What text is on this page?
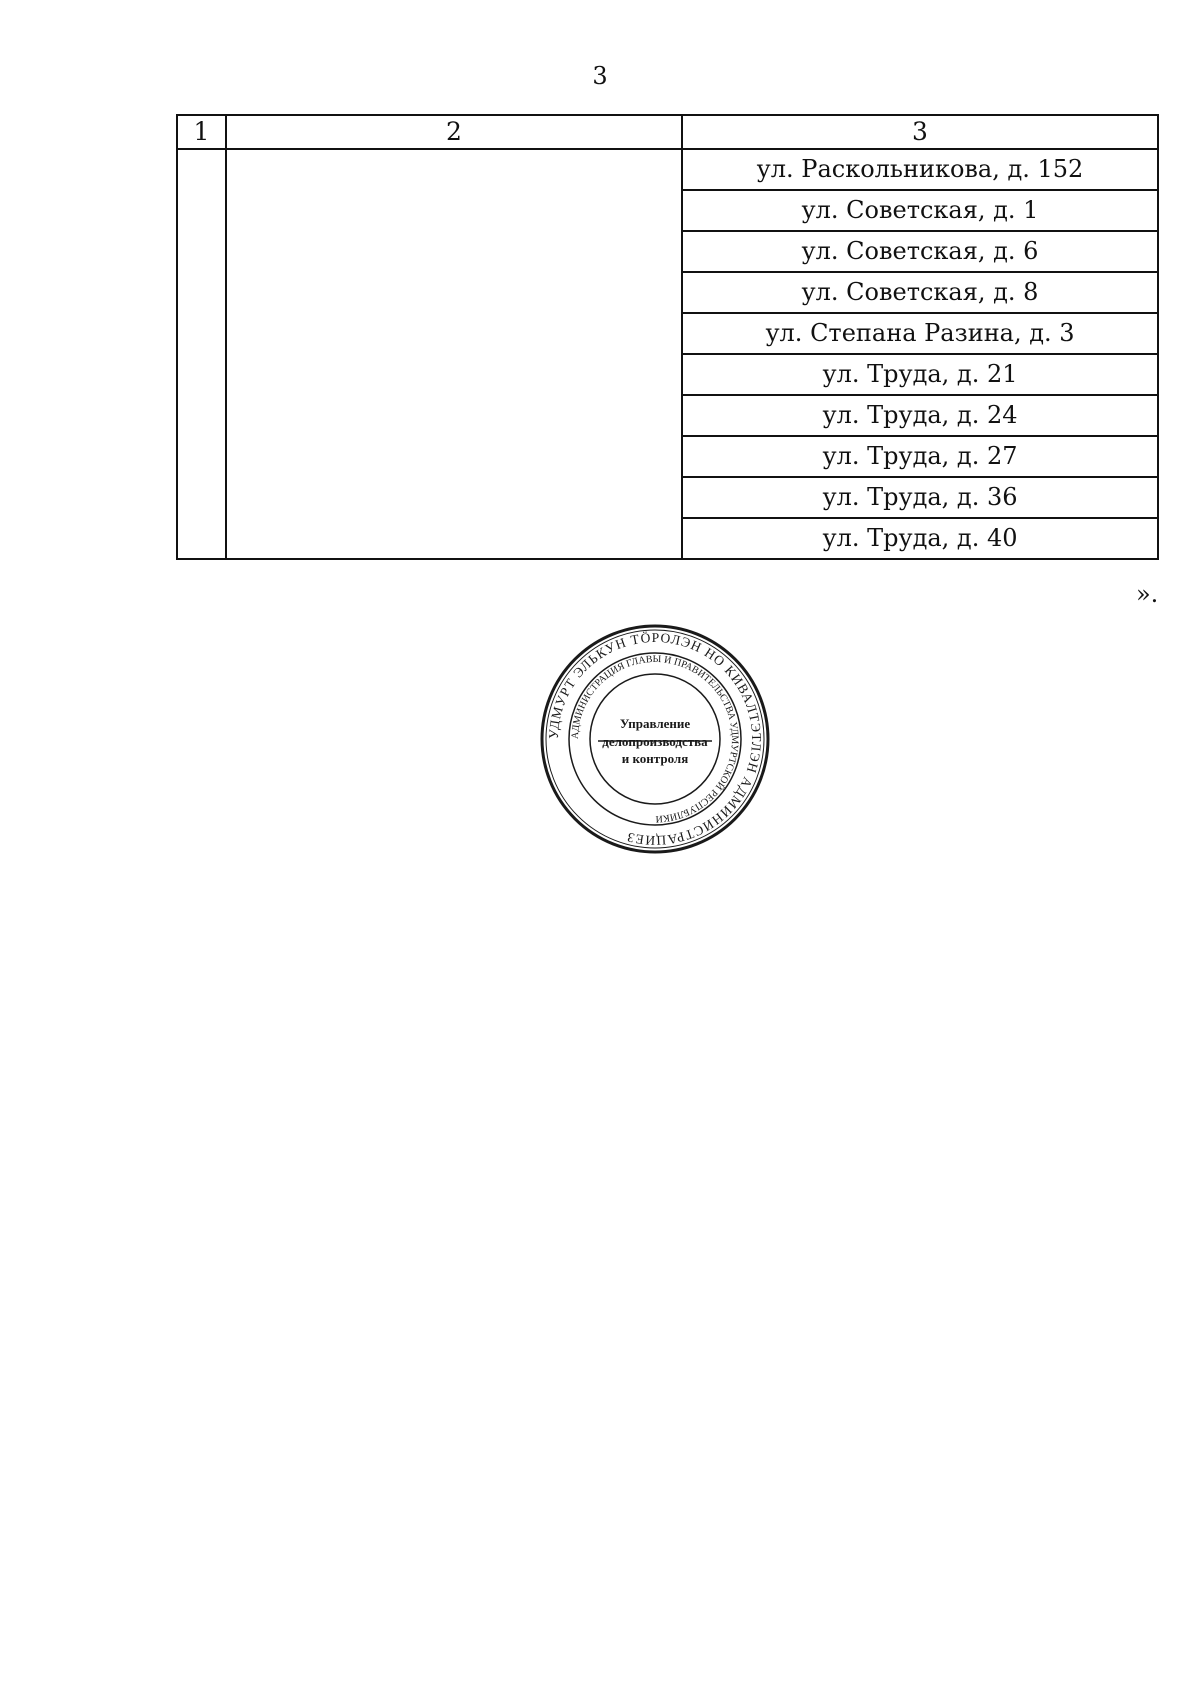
3
1	2	3
		ул. Раскольникова, д. 152
		ул. Советская, д. 1
		ул. Советская, д. 6
		ул. Советская, д. 8
		ул. Степана Разина, д. 3
		ул. Труда, д. 21
		ул. Труда, д. 24
		ул. Труда, д. 27
		ул. Труда, д. 36
		ул. Труда, д. 40
».
УДМУРТ ЭЛЬКУН ТӦРОЛЭН НО КИВАЛТЭТЛЭН АДМИНИСТРАЦИЕЗ
АДМИНИСТРАЦИЯ ГЛАВЫ И ПРАВИТЕЛЬСТВА УДМУРТСКОЙ РЕСПУБЛИКИ
Управление
делопроизводства
и контроля
